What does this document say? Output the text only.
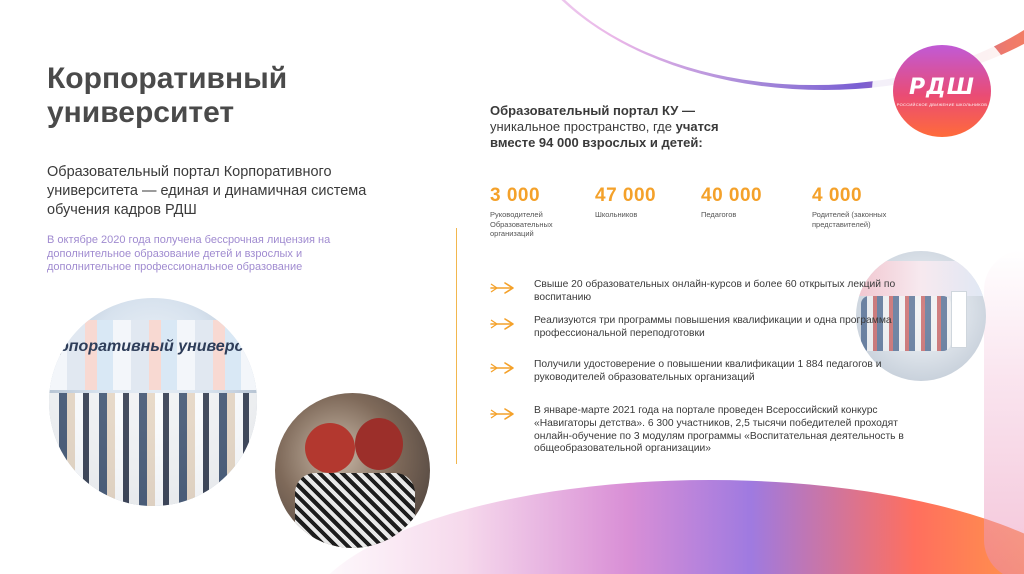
РДШ
РОССИЙСКОЕ ДВИЖЕНИЕ ШКОЛЬНИКОВ
Корпоративный университет
Образовательный портал Корпоративного университета — единая и динамичная система обучения кадров РДШ
В октябре 2020 года получена бессрочная лицензия на дополнительное образование детей и взрослых и дополнительное профессиональное образование
рпоративный универс
Образовательный портал КУ —
уникальное пространство, где учатся
вместе 94 000 взрослых и детей:
3 000
Руководителей Образовательных организаций
47 000
Школьников
40 000
Педагогов
4 000
Родителей (законных представителей)
Свыше 20 образовательных онлайн-курсов и более 60 открытых лекций по воспитанию
Реализуются три программы повышения квалификации и одна программа профессиональной переподготовки
Получили удостоверение о повышении квалификации 1 884 педагогов и руководителей образовательных организаций
В январе-марте 2021 года на портале проведен Всероссийский конкурс «Навигаторы детства». 6 300 участников, 2,5 тысячи победителей проходят онлайн-обучение по 3 модулям программы «Воспитательная деятельность в общеобразовательной организации»
